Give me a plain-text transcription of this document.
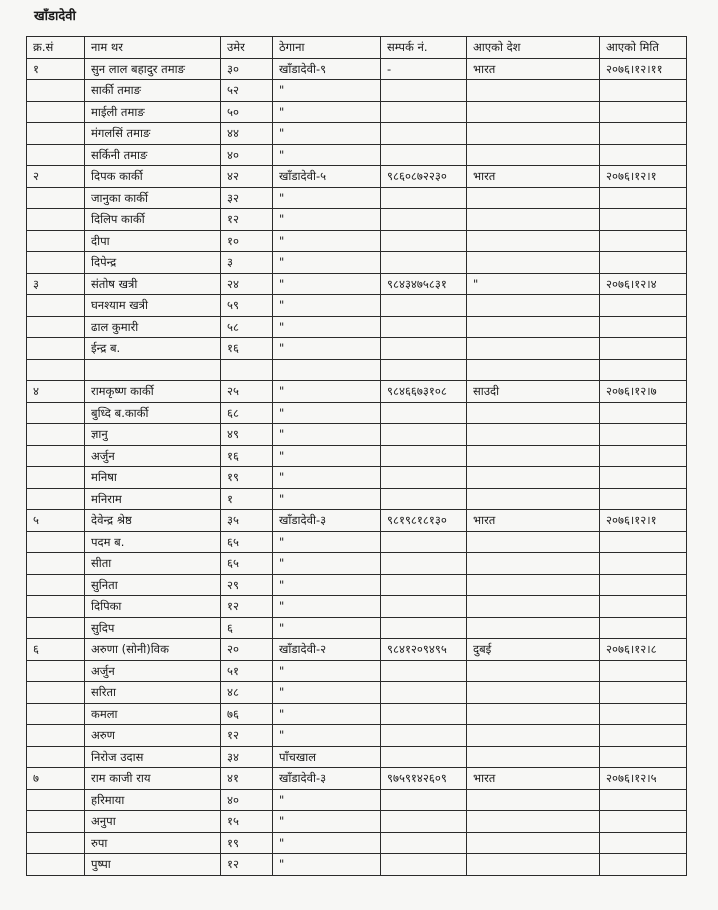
खाँडादेवी
क्र.सं	नाम थर	उमेर	ठेगाना	सम्पर्क नं.	आएको देश	आएको मिति
१	सुन लाल बहादुर तमाङ	३०	खाँडादेवी-९	-	भारत	२०७६।१२।११
	सार्की तमाङ	५२	"			
	माईली तमाङ	५०	"			
	मंगलसिं तमाङ	४४	"			
	सर्किनी तमाङ	४०	"			
२	दिपक कार्की	४२	खाँडादेवी-५	९८६०८७२२३०	भारत	२०७६।१२।१
	जानुका कार्की	३२	"			
	दिलिप कार्की	१२	"			
	दीपा	१०	"			
	दिपेन्द्र	३	"			
३	संतोष खत्री	२४	"	९८४३४७५८३१	"	२०७६।१२।४
	घनश्याम खत्री	५९	"			
	ढाल कुमारी	५८	"			
	ईन्द्र ब.	१६	"			

४	रामकृष्ण कार्की	२५	"	९८४६६७३१०८	साउदी	२०७६।१२।७
	बुध्दि ब.कार्की	६८	"			
	ज्ञानु	४९	"			
	अर्जुन	१६	"			
	मनिषा	१९	"			
	मनिराम	१	"			
५	देवेन्द्र श्रेष्ठ	३५	खाँडादेवी-३	९८१९८१८१३०	भारत	२०७६।१२।१
	पदम ब.	६५	"			
	सीता	६५	"			
	सुनिता	२९	"			
	दिपिका	१२	"			
	सुदिप	६	"			
६	अरुणा (सोनी)विक	२०	खाँडादेवी-२	९८४१२०९४९५	दुबई	२०७६।१२।८
	अर्जुन	५१	"			
	सरिता	४८	"			
	कमला	७६	"			
	अरुण	१२	"			
	निरोज उदास	३४	पाँचखाल			
७	राम काजी राय	४१	खाँडादेवी-३	९७५९१४२६०९	भारत	२०७६।१२।५
	हरिमाया	४०	"			
	अनुपा	१५	"			
	रुपा	१९	"			
	पुष्पा	१२	"			
